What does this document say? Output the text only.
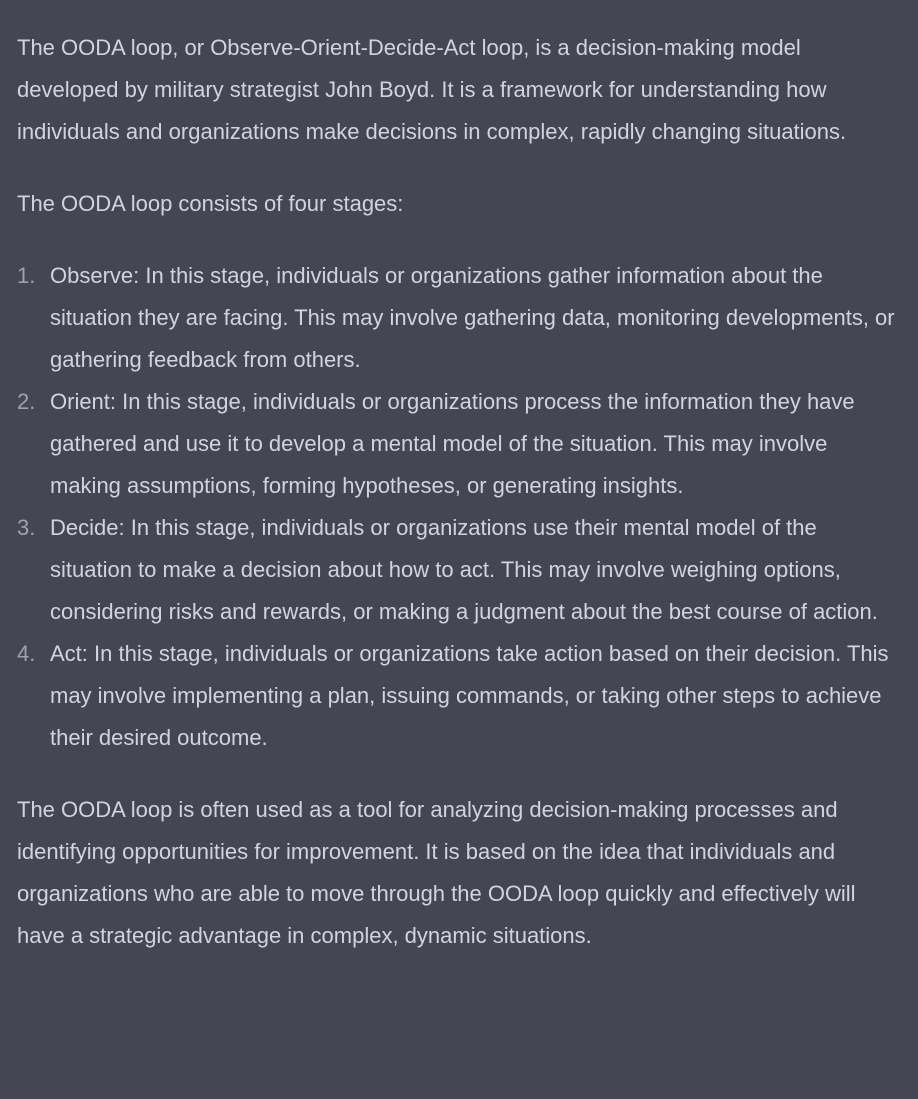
The OODA loop, or Observe-Orient-Decide-Act loop, is a decision-making model developed by military strategist John Boyd. It is a framework for understanding how individuals and organizations make decisions in complex, rapidly changing situations.

The OODA loop consists of four stages:

1. Observe: In this stage, individuals or organizations gather information about the situation they are facing. This may involve gathering data, monitoring developments, or gathering feedback from others.
2. Orient: In this stage, individuals or organizations process the information they have gathered and use it to develop a mental model of the situation. This may involve making assumptions, forming hypotheses, or generating insights.
3. Decide: In this stage, individuals or organizations use their mental model of the situation to make a decision about how to act. This may involve weighing options, considering risks and rewards, or making a judgment about the best course of action.
4. Act: In this stage, individuals or organizations take action based on their decision. This may involve implementing a plan, issuing commands, or taking other steps to achieve their desired outcome.

The OODA loop is often used as a tool for analyzing decision-making processes and identifying opportunities for improvement. It is based on the idea that individuals and organizations who are able to move through the OODA loop quickly and effectively will have a strategic advantage in complex, dynamic situations.
